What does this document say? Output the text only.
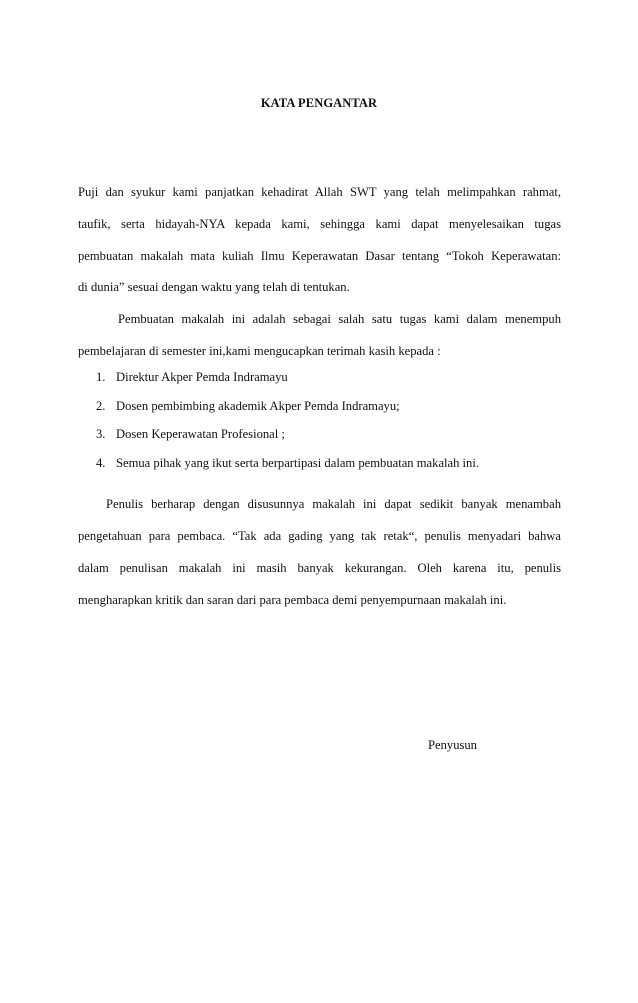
KATA PENGANTAR
Puji dan syukur kami panjatkan kehadirat Allah SWT yang telah melimpahkan rahmat,
taufik, serta hidayah-NYA kepada kami, sehingga kami dapat menyelesaikan tugas
pembuatan makalah mata kuliah Ilmu Keperawatan Dasar tentang “Tokoh Keperawatan:
di dunia” sesuai dengan waktu yang telah di tentukan.
Pembuatan makalah ini adalah sebagai salah satu tugas kami dalam menempuh
pembelajaran di semester ini,kami mengucapkan terimah kasih kepada :
1. Direktur Akper Pemda Indramayu
2. Dosen pembimbing akademik Akper Pemda Indramayu;
3. Dosen Keperawatan Profesional ;
4. Semua pihak yang ikut serta berpartipasi dalam pembuatan makalah ini.
Penulis berharap dengan disusunnya makalah ini dapat sedikit banyak menambah
pengetahuan para pembaca. “Tak ada gading yang tak retak“, penulis menyadari bahwa
dalam penulisan makalah ini masih banyak kekurangan. Oleh karena itu, penulis
mengharapkan kritik dan saran dari para pembaca demi penyempurnaan makalah ini.
Penyusun
